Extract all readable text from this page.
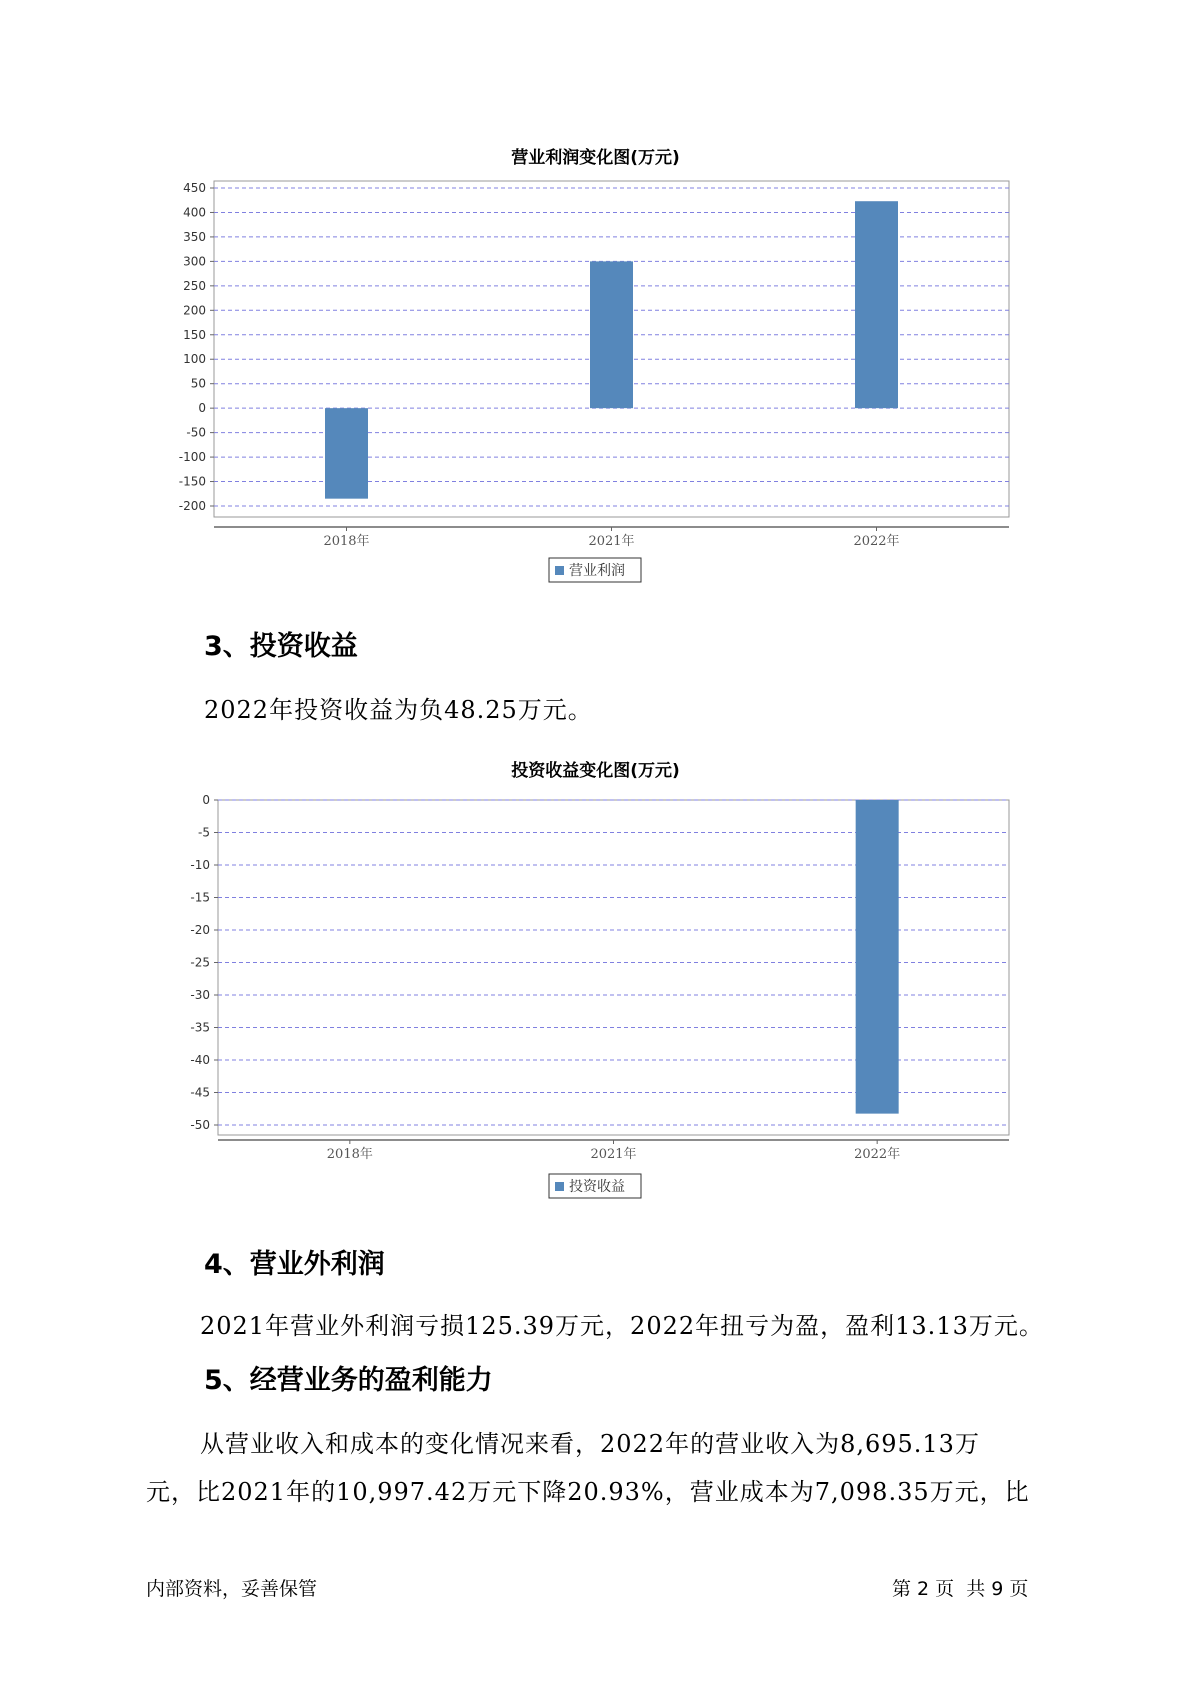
营业利润变化图(万元)
450
400
350
300
250
200
150
100
50
0
-50
-100
-150
-200
2018年	2021年	2022年
营业利润
3、投资收益
2022年投资收益为负48.25万元。
投资收益变化图(万元)
0
-5
-10
-15
-20
-25
-30
-35
-40
-45
-50
2018年	2021年	2022年
投资收益
4、营业外利润
2021年营业外利润亏损125.39万元，2022年扭亏为盈，盈利13.13万元。
5、经营业务的盈利能力
从营业收入和成本的变化情况来看，2022年的营业收入为8,695.13万
元，比2021年的10,997.42万元下降20.93%，营业成本为7,098.35万元，比
内部资料，妥善保管	第 2 页  共 9 页
